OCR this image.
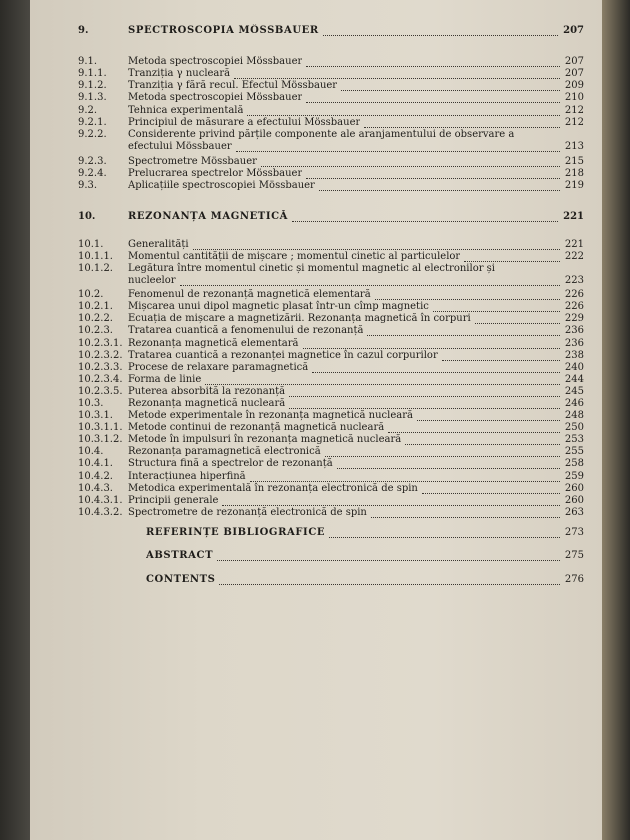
9.	SPECTROSCOPIA MÖSSBAUER	207
9.1.	Metoda spectroscopiei Mössbauer	207
9.1.1. Tranziția γ nucleară	207
9.1.2. Tranziția γ fără recul. Efectul Mössbauer	209
9.1.3. Metoda spectroscopiei Mössbauer	210
9.2.	Tehnica experimentală	212
9.2.1. Principiul de măsurare a efectului Mössbauer	212
9.2.2. Considerente privind părțile componente ale aranjamentului de observare a
efectului Mössbauer	213
9.2.3. Spectrometre Mössbauer	215
9.2.4. Prelucrarea spectrelor Mössbauer	218
9.3.	Aplicațiile spectroscopiei Mössbauer	219
10.	REZONANȚA MAGNETICĂ	221
10.1. Generalități	221
10.1.1. Momentul cantității de mișcare ; momentul cinetic al particulelor	222
10.1.2. Legătura între momentul cinetic și momentul magnetic al electronilor și
nucleelor	223
10.2. Fenomenul de rezonanță magnetică elementară	226
10.2.1. Mișcarea unui dipol magnetic plasat într-un cîmp magnetic	226
10.2.2. Ecuația de mișcare a magnetizării. Rezonanța magnetică în corpuri	229
10.2.3. Tratarea cuantică a fenomenului de rezonanță	236
10.2.3.1. Rezonanța magnetică elementară	236
10.2.3.2. Tratarea cuantică a rezonanței magnetice în cazul corpurilor	238
10.2.3.3. Procese de relaxare paramagnetică	240
10.2.3.4. Forma de linie	244
10.2.3.5. Puterea absorbită la rezonanță	245
10.3. Rezonanța magnetică nucleară	246
10.3.1. Metode experimentale în rezonanța magnetică nucleară	248
10.3.1.1. Metode continui de rezonanță magnetică nucleară	250
10.3.1.2. Metode în impulsuri în rezonanța magnetică nucleară	253
10.4. Rezonanța paramagnetică electronică	255
10.4.1. Structura fină a spectrelor de rezonanță	258
10.4.2. Interacțiunea hiperfină	259
10.4.3. Metodica experimentală în rezonanța electronică de spin	260
10.4.3.1. Principii generale	260
10.4.3.2. Spectrometre de rezonanță electronică de spin	263
REFERINȚE BIBLIOGRAFICE	273
ABSTRACT	275
CONTENTS	276
